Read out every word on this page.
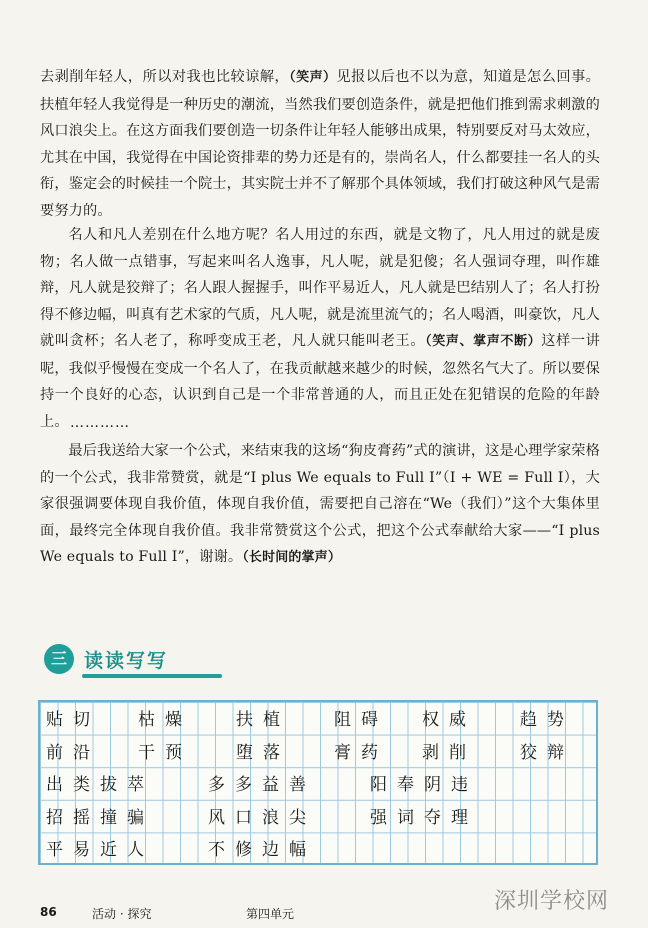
去剥削年轻人，所以对我也比较谅解，（笑声）见报以后也不以为意，知道是怎么回事。扶植年轻人我觉得是一种历史的潮流，当然我们要创造条件，就是把他们推到需求刺激的风口浪尖上。在这方面我们要创造一切条件让年轻人能够出成果，特别要反对马太效应，尤其在中国，我觉得在中国论资排辈的势力还是有的，崇尚名人，什么都要挂一名人的头衔，鉴定会的时候挂一个院士，其实院士并不了解那个具体领域，我们打破这种风气是需要努力的。

名人和凡人差别在什么地方呢？名人用过的东西，就是文物了，凡人用过的就是废物；名人做一点错事，写起来叫名人逸事，凡人呢，就是犯傻；名人强词夺理，叫作雄辩，凡人就是狡辩了；名人跟人握握手，叫作平易近人，凡人就是巴结别人了；名人打扮得不修边幅，叫真有艺术家的气质，凡人呢，就是流里流气的；名人喝酒，叫豪饮，凡人就叫贪杯；名人老了，称呼变成王老，凡人就只能叫老王。（笑声、掌声不断）这样一讲呢，我似乎慢慢在变成一个名人了，在我贡献越来越少的时候，忽然名气大了。所以要保持一个良好的心态，认识到自己是一个非常普通的人，而且正处在犯错误的危险的年龄上。 …………

最后我送给大家一个公式，来结束我的这场“狗皮膏药”式的演讲，这是心理学家荣格的一个公式，我非常赞赏，就是“I plus We equals to Full I”（I + WE = Full I），大家很强调要体现自我价值，体现自我价值，需要把自己溶在“We（我们）”这个大集体里面，最终完全体现自我价值。我非常赞赏这个公式，把这个公式奉献给大家——“I plus We equals to Full I”，谢谢。（长时间的掌声）

三 读读写写
贴切 枯燥	扶植	阻碍 权威	趋势
前沿 干预	堕落	膏药 剥削	狡辩
出类拔萃	多多益善	阳奉阴违
招摇撞骗	风口浪尖	强词夺理
平易近人	不修边幅
86	活动 · 探究	第四单元	深圳学校网
